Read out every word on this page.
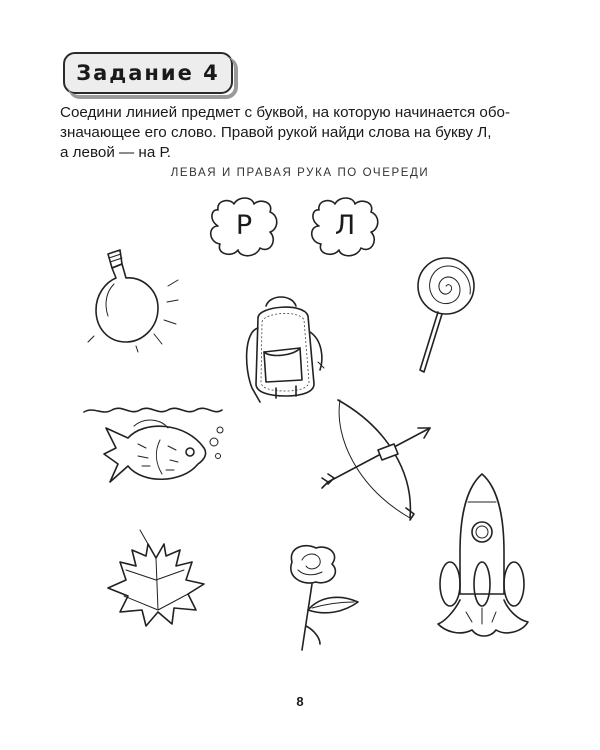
Задание 4
Соедини линией предмет с буквой, на которую начинается обо-
значающее его слово. Правой рукой найди слова на букву Л,
а левой — на Р.
ЛЕВАЯ И ПРАВАЯ РУКА ПО ОЧЕРЕДИ
Р	Л
8
